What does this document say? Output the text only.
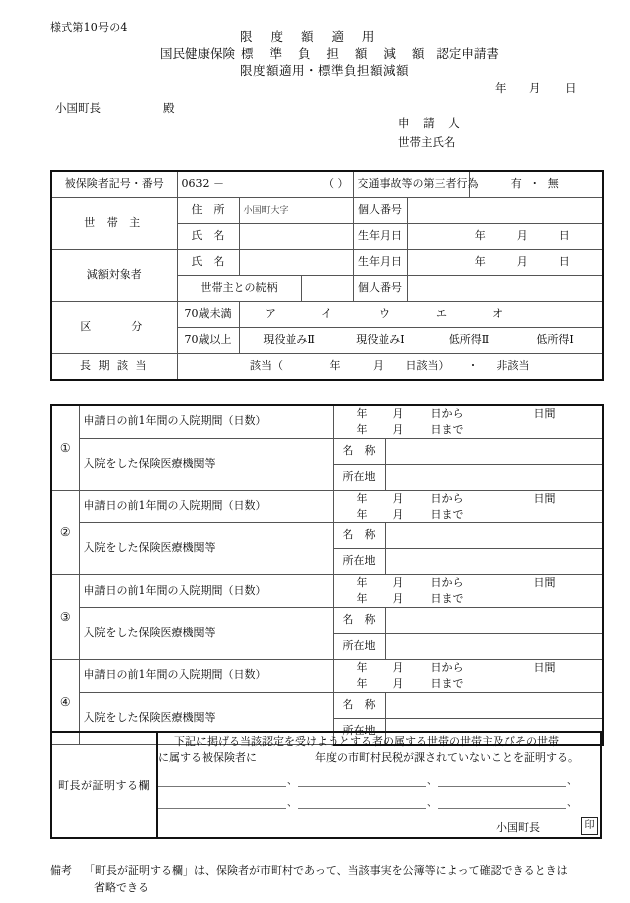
様式第10号の4
限 度 額 適 用
国民健康保険 標 準 負 担 額 減 額 認定申請書
限度額適用・標準負担額減額
年 月 日
小国町長	殿
申 請 人
世帯主氏名
被保険者記号・番号	0632 － （ ）			交通事故等の第三者行為		有 ・ 無
世 帯 主	住　所	小国町大字		個人番号		
	氏　名			生年月日	年 月 日	

減額対象者	氏　名			生年月日	年 月 日	

	世帯主との続柄			個人番号		
区　　分	70歳未満	ア イ ウ エ オ				

	70歳以上	現役並みⅡ 現役並みⅠ 低所得Ⅱ 低所得Ⅰ				

長 期 該 当	該当（ 年 月 日該当） ・ 非該当					
①	申請日の前1年間の入院期間（日数）	年 月 日から 日間
年 月 日まで	
	入院をした保険医療機関等	名　称	
		所在地	
②	申請日の前1年間の入院期間（日数）	年 月 日から 日間
年 月 日まで	
	入院をした保険医療機関等	名　称	
		所在地	
③	申請日の前1年間の入院期間（日数）	年 月 日から 日間
年 月 日まで	
	入院をした保険医療機関等	名　称	
		所在地	
④	申請日の前1年間の入院期間（日数）	年 月 日から 日間
年 月 日まで	
	入院をした保険医療機関等	名　称	
		所在地	
町長が証明する欄	
下記に掲げる当該認定を受けようとする者の属する世帯の世帯主及びその世帯
に属する被保険者に	年度の市町村民税が課されていないことを証明する。
、	、	、
、	、	、
小国町長	印
備考 「町長が証明する欄」は、保険者が市町村であって、当該事実を公簿等によって確認できるときは
省略できる
